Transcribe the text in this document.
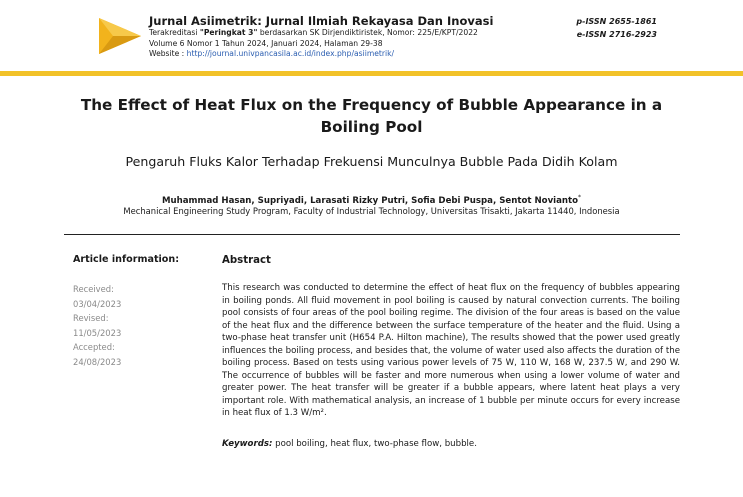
Jurnal Asiimetrik: Jurnal Ilmiah Rekayasa Dan Inovasi
Terakreditasi "Peringkat 3" berdasarkan SK Dirjendiktiristek, Nomor: 225/E/KPT/2022
Volume 6 Nomor 1 Tahun 2024, Januari 2024, Halaman 29-38
Website : http://journal.univpancasila.ac.id/index.php/asiimetrik/
p-ISSN 2655-1861
e-ISSN 2716-2923
The Effect of Heat Flux on the Frequency of Bubble Appearance in a Boiling Pool
Pengaruh Fluks Kalor Terhadap Frekuensi Munculnya Bubble Pada Didih Kolam
Muhammad Hasan, Supriyadi, Larasati Rizky Putri, Sofia Debi Puspa, Sentot Novianto*
Mechanical Engineering Study Program, Faculty of Industrial Technology, Universitas Trisakti, Jakarta 11440, Indonesia
Article information:
Received:
03/04/2023
Revised:
11/05/2023
Accepted:
24/08/2023
Abstract
This research was conducted to determine the effect of heat flux on the frequency of bubbles appearing in boiling ponds. All fluid movement in pool boiling is caused by natural convection currents. The boiling pool consists of four areas of the pool boiling regime. The division of the four areas is based on the value of the heat flux and the difference between the surface temperature of the heater and the fluid. Using a two-phase heat transfer unit (H654 P.A. Hilton machine), The results showed that the power used greatly influences the boiling process, and besides that, the volume of water used also affects the duration of the boiling process. Based on tests using various power levels of 75 W, 110 W, 168 W, 237.5 W, and 290 W. The occurrence of bubbles will be faster and more numerous when using a lower volume of water and greater power. The heat transfer will be greater if a bubble appears, where latent heat plays a very important role. With mathematical analysis, an increase of 1 bubble per minute occurs for every increase in heat flux of 1.3 W/m².
Keywords: pool boiling, heat flux, two-phase flow, bubble.
